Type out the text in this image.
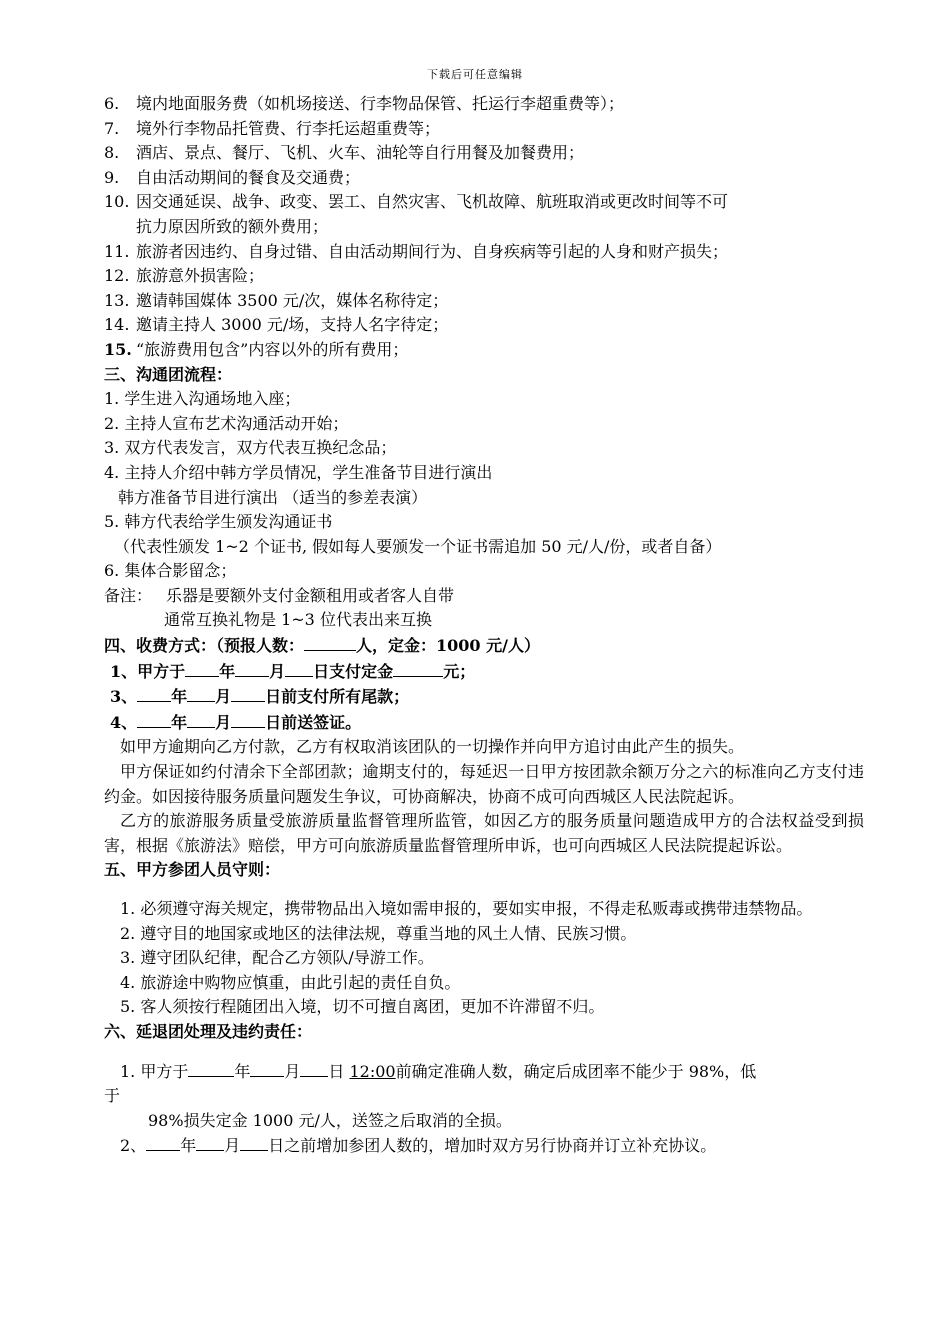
下载后可任意编辑
6. 境内地面服务费（如机场接送、行李物品保管、托运行李超重费等）；
7. 境外行李物品托管费、行李托运超重费等；
8. 酒店、景点、餐厅、飞机、火车、油轮等自行用餐及加餐费用；
9. 自由活动期间的餐食及交通费；
10. 因交通延误、战争、政变、罢工、自然灾害、飞机故障、航班取消或更改时间等不可
抗力原因所致的额外费用；
11. 旅游者因违约、自身过错、自由活动期间行为、自身疾病等引起的人身和财产损失；
12. 旅游意外损害险；
13. 邀请韩国媒体 3500 元/次，媒体名称待定；
14. 邀请主持人 3000 元/场，支持人名字待定；
15. “旅游费用包含”内容以外的所有费用；
三、沟通团流程：
1. 学生进入沟通场地入座；
2. 主持人宣布艺术沟通活动开始；
3. 双方代表发言，双方代表互换纪念品；
4. 主持人介绍中韩方学员情况，学生准备节目进行演出
韩方准备节目进行演出 （适当的参差表演）
5. 韩方代表给学生颁发沟通证书
（代表性颁发 1~2 个证书, 假如每人要颁发一个证书需追加 50 元/人/份，或者自备）
6. 集体合影留念；
备注： 乐器是要额外支付金额租用或者客人自带
通常互换礼物是 1~3 位代表出来互换
四、收费方式：（预报人数：	人，定金：1000 元/人）
1、甲方于 年 月 日支付定金	元；
3、 年 月 日前支付所有尾款；
4、 年 月 日前送签证。
如甲方逾期向乙方付款，乙方有权取消该团队的一切操作并向甲方追讨由此产生的损失。
甲方保证如约付清余下全部团款；逾期支付的，每延迟一日甲方按团款余额万分之六的标准向乙方支付违约金。如因接待服务质量问题发生争议，可协商解决，协商不成可向西城区人民法院起诉。
乙方的旅游服务质量受旅游质量监督管理所监管，如因乙方的服务质量问题造成甲方的合法权益受到损害，根据《旅游法》赔偿，甲方可向旅游质量监督管理所申诉，也可向西城区人民法院提起诉讼。
五、甲方参团人员守则：
1. 必须遵守海关规定，携带物品出入境如需申报的，要如实申报，不得走私贩毒或携带违禁物品。
2. 遵守目的地国家或地区的法律法规，尊重当地的风土人情、民族习惯。
3. 遵守团队纪律，配合乙方领队/导游工作。
4. 旅游途中购物应慎重，由此引起的责任自负。
5. 客人须按行程随团出入境，切不可擅自离团，更加不许滞留不归。
六、延退团处理及违约责任：
1. 甲方于	年 月 日 12:00前确定准确人数，确定后成团率不能少于 98%，低
于
98%损失定金 1000 元/人，送签之后取消的全损。
2、 年 月 日之前增加参团人数的，增加时双方另行协商并订立补充协议。
